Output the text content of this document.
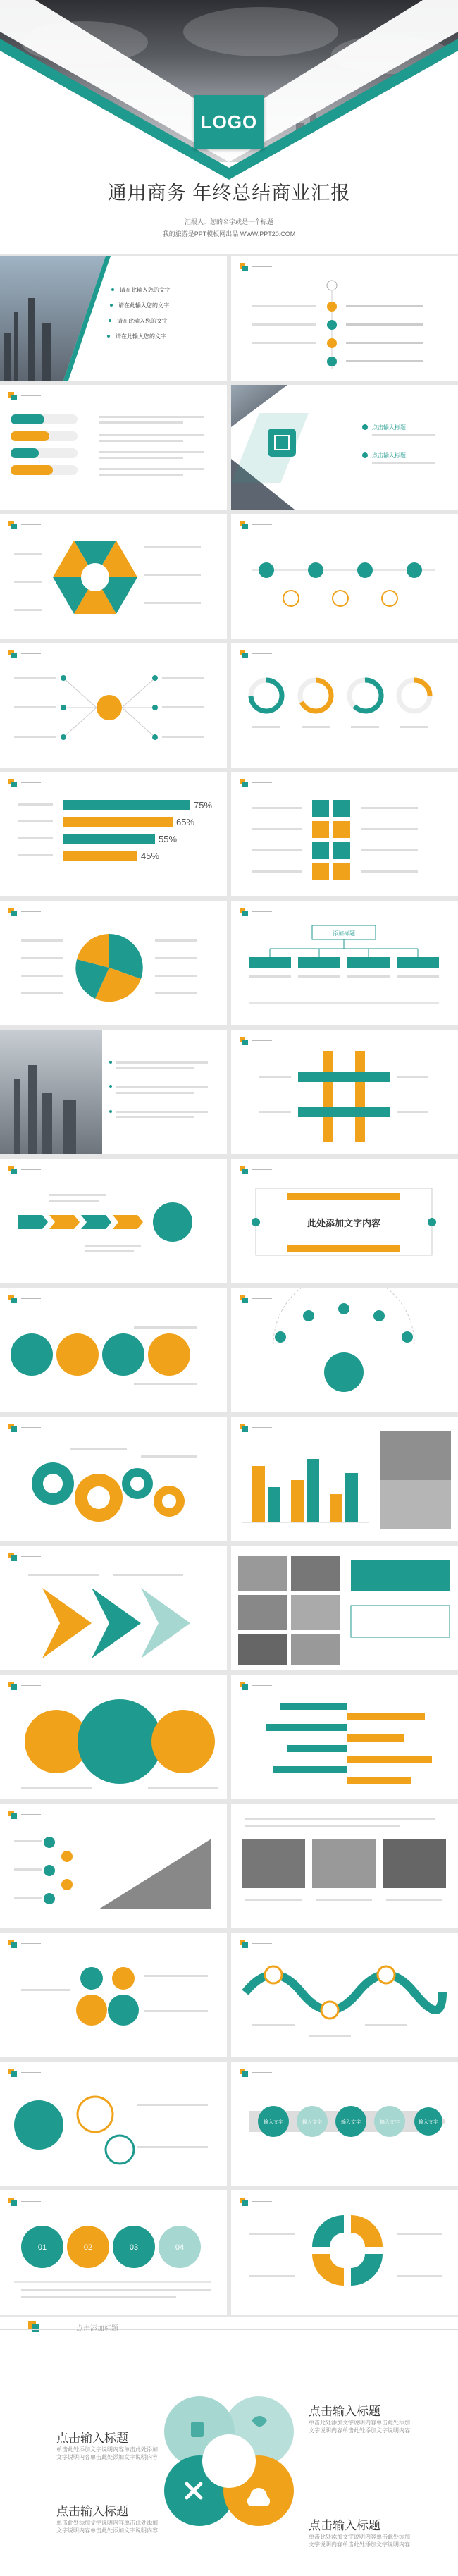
LOGO
通用商务 年终总结商业汇报
汇报人：您的名字或是一个标题
我的旅游是PPT模板网出品 WWW.PPT20.COM
请在此输入您的文字
请在此输入您的文字
请在此输入您的文字
请在此输入您的文字
点击输入标题
点击输入标题
75%
65%
55%
45%
添加标题
此处添加文字内容
输入文字	输入文字	输入文字	输入文字	输入文字
01	02	03	04
点击添加标题
点击输入标题
单击此处添加文字说明内容单击此处添加文字说明内容单击此处添加文字说明内容
点击输入标题
单击此处添加文字说明内容单击此处添加文字说明内容单击此处添加文字说明内容
点击输入标题
单击此处添加文字说明内容单击此处添加文字说明内容单击此处添加文字说明内容	点击输入标题
单击此处添加文字说明内容单击此处添加文字说明内容单击此处添加文字说明内容
